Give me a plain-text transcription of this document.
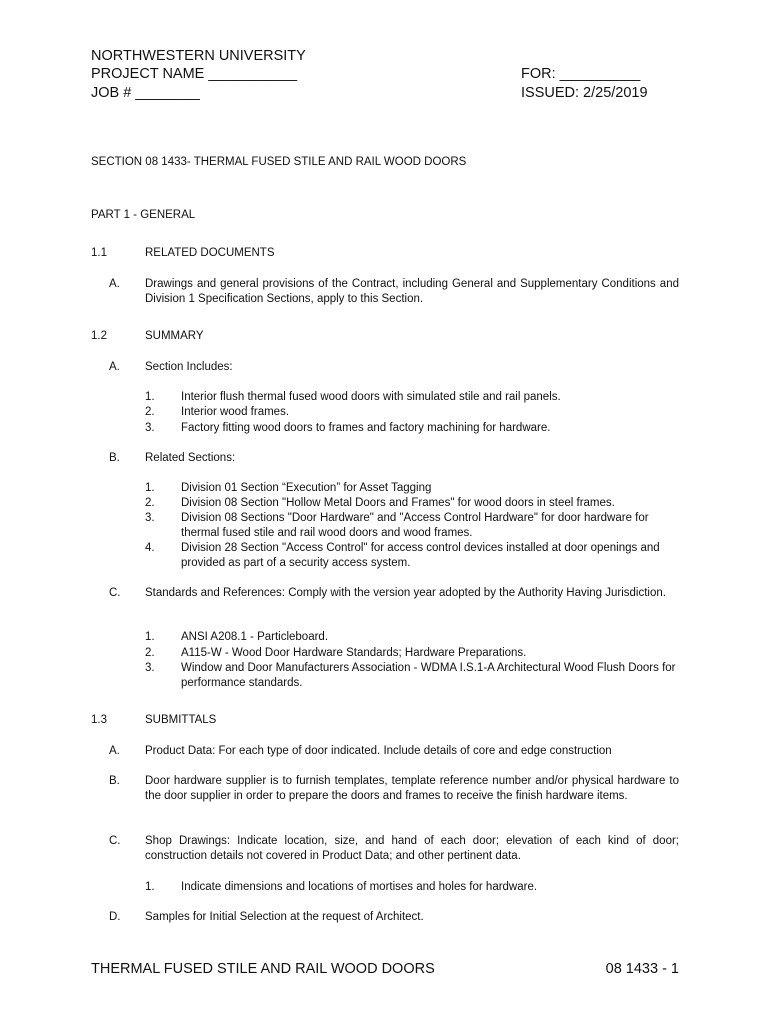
NORTHWESTERN UNIVERSITY
PROJECT NAME ___________
JOB # ________
FOR: __________
ISSUED: 2/25/2019
SECTION 08 1433- THERMAL FUSED STILE AND RAIL WOOD DOORS
PART 1 - GENERAL
1.1	RELATED DOCUMENTS
A. Drawings and general provisions of the Contract, including General and Supplementary Conditions and Division 1 Specification Sections, apply to this Section.
1.2	SUMMARY
A. Section Includes:
1. Interior flush thermal fused wood doors with simulated stile and rail panels.
2. Interior wood frames.
3. Factory fitting wood doors to frames and factory machining for hardware.
B. Related Sections:
1. Division 01 Section “Execution” for Asset Tagging
2. Division 08 Section "Hollow Metal Doors and Frames" for wood doors in steel frames.
3. Division 08 Sections "Door Hardware" and "Access Control Hardware" for door hardware for thermal fused stile and rail wood doors and wood frames.
4. Division 28 Section "Access Control" for access control devices installed at door openings and provided as part of a security access system.
C. Standards and References: Comply with the version year adopted by the Authority Having Jurisdiction.
1. ANSI A208.1 - Particleboard.
2. A115-W - Wood Door Hardware Standards; Hardware Preparations.
3. Window and Door Manufacturers Association - WDMA I.S.1-A Architectural Wood Flush Doors for performance standards.
1.3	SUBMITTALS
A. Product Data: For each type of door indicated. Include details of core and edge construction
B. Door hardware supplier is to furnish templates, template reference number and/or physical hardware to the door supplier in order to prepare the doors and frames to receive the finish hardware items.
C. Shop Drawings: Indicate location, size, and hand of each door; elevation of each kind of door; construction details not covered in Product Data; and other pertinent data.
1. Indicate dimensions and locations of mortises and holes for hardware.
D. Samples for Initial Selection at the request of Architect.
THERMAL FUSED STILE AND RAIL WOOD DOORS	08 1433 - 1
